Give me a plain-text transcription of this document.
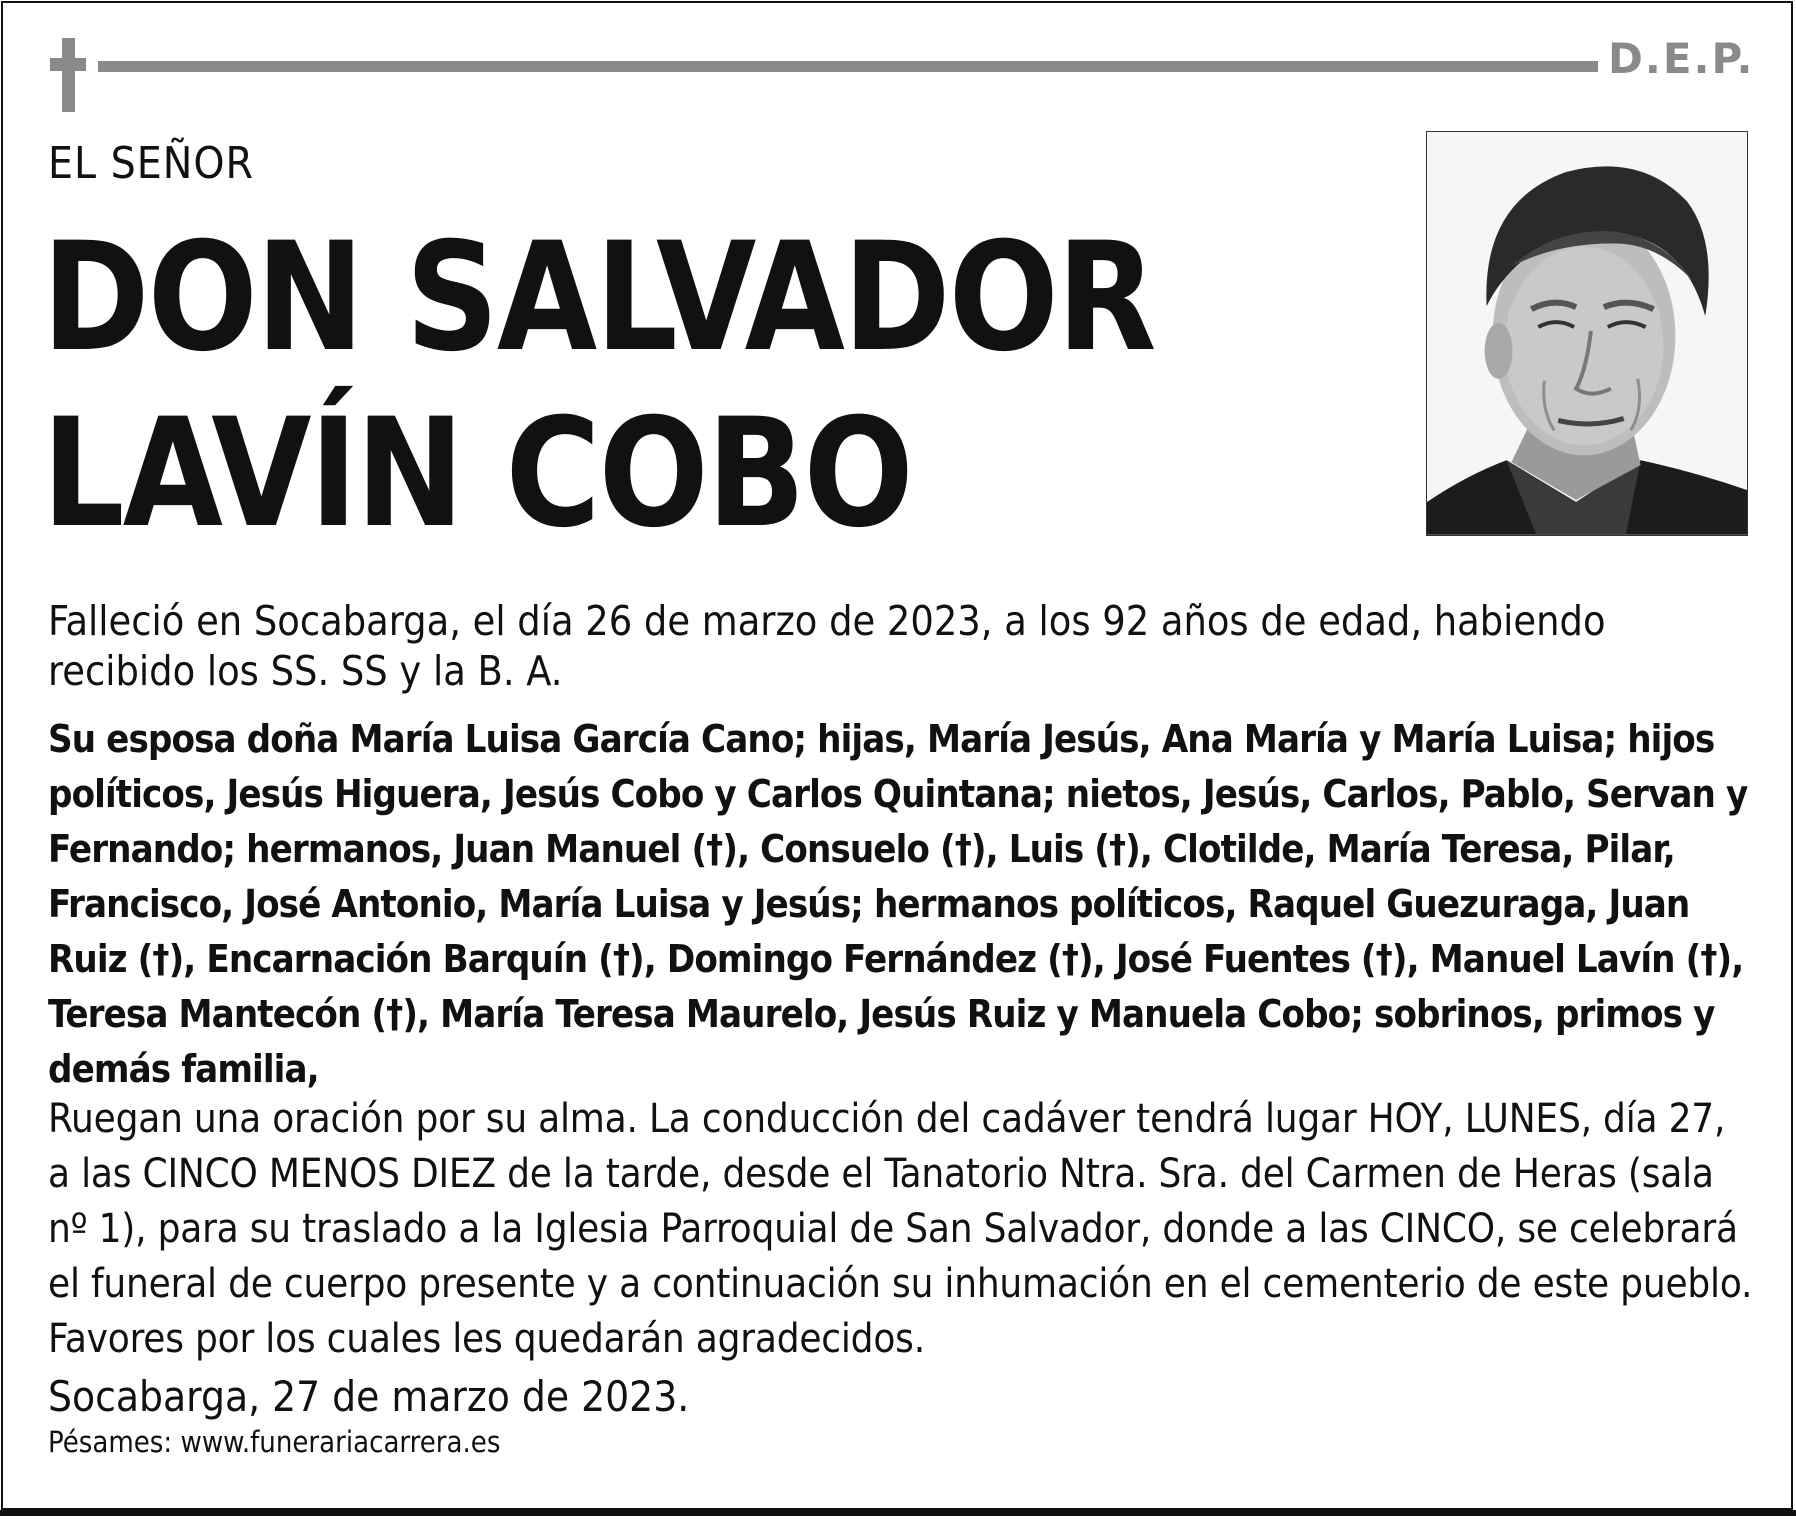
D.E.P.
EL SEÑOR
DON SALVADOR
LAVÍN COBO

Falleció en Socabarga, el día 26 de marzo de 2023, a los 92 años de edad, habiendo recibido los SS. SS y la B. A.

Su esposa doña María Luisa García Cano; hijas, María Jesús, Ana María y María Luisa; hijos políticos, Jesús Higuera, Jesús Cobo y Carlos Quintana; nietos, Jesús, Carlos, Pablo, Servan y Fernando; hermanos, Juan Manuel (†), Consuelo (†), Luis (†), Clotilde, María Teresa, Pilar, Francisco, José Antonio, María Luisa y Jesús; hermanos políticos, Raquel Guezuraga, Juan Ruiz (†), Encarnación Barquín (†), Domingo Fernández (†), José Fuentes (†), Manuel Lavín (†), Teresa Mantecón (†), María Teresa Maurelo, Jesús Ruiz y Manuela Cobo; sobrinos, primos y demás familia,

Ruegan una oración por su alma. La conducción del cadáver tendrá lugar HOY, LUNES, día 27, a las CINCO MENOS DIEZ de la tarde, desde el Tanatorio Ntra. Sra. del Carmen de Heras (sala nº 1), para su traslado a la Iglesia Parroquial de San Salvador, donde a las CINCO, se celebrará el funeral de cuerpo presente y a continuación su inhumación en el cementerio de este pueblo. Favores por los cuales les quedarán agradecidos.

Socabarga, 27 de marzo de 2023.

Pésames: www.funerariacarrera.es
